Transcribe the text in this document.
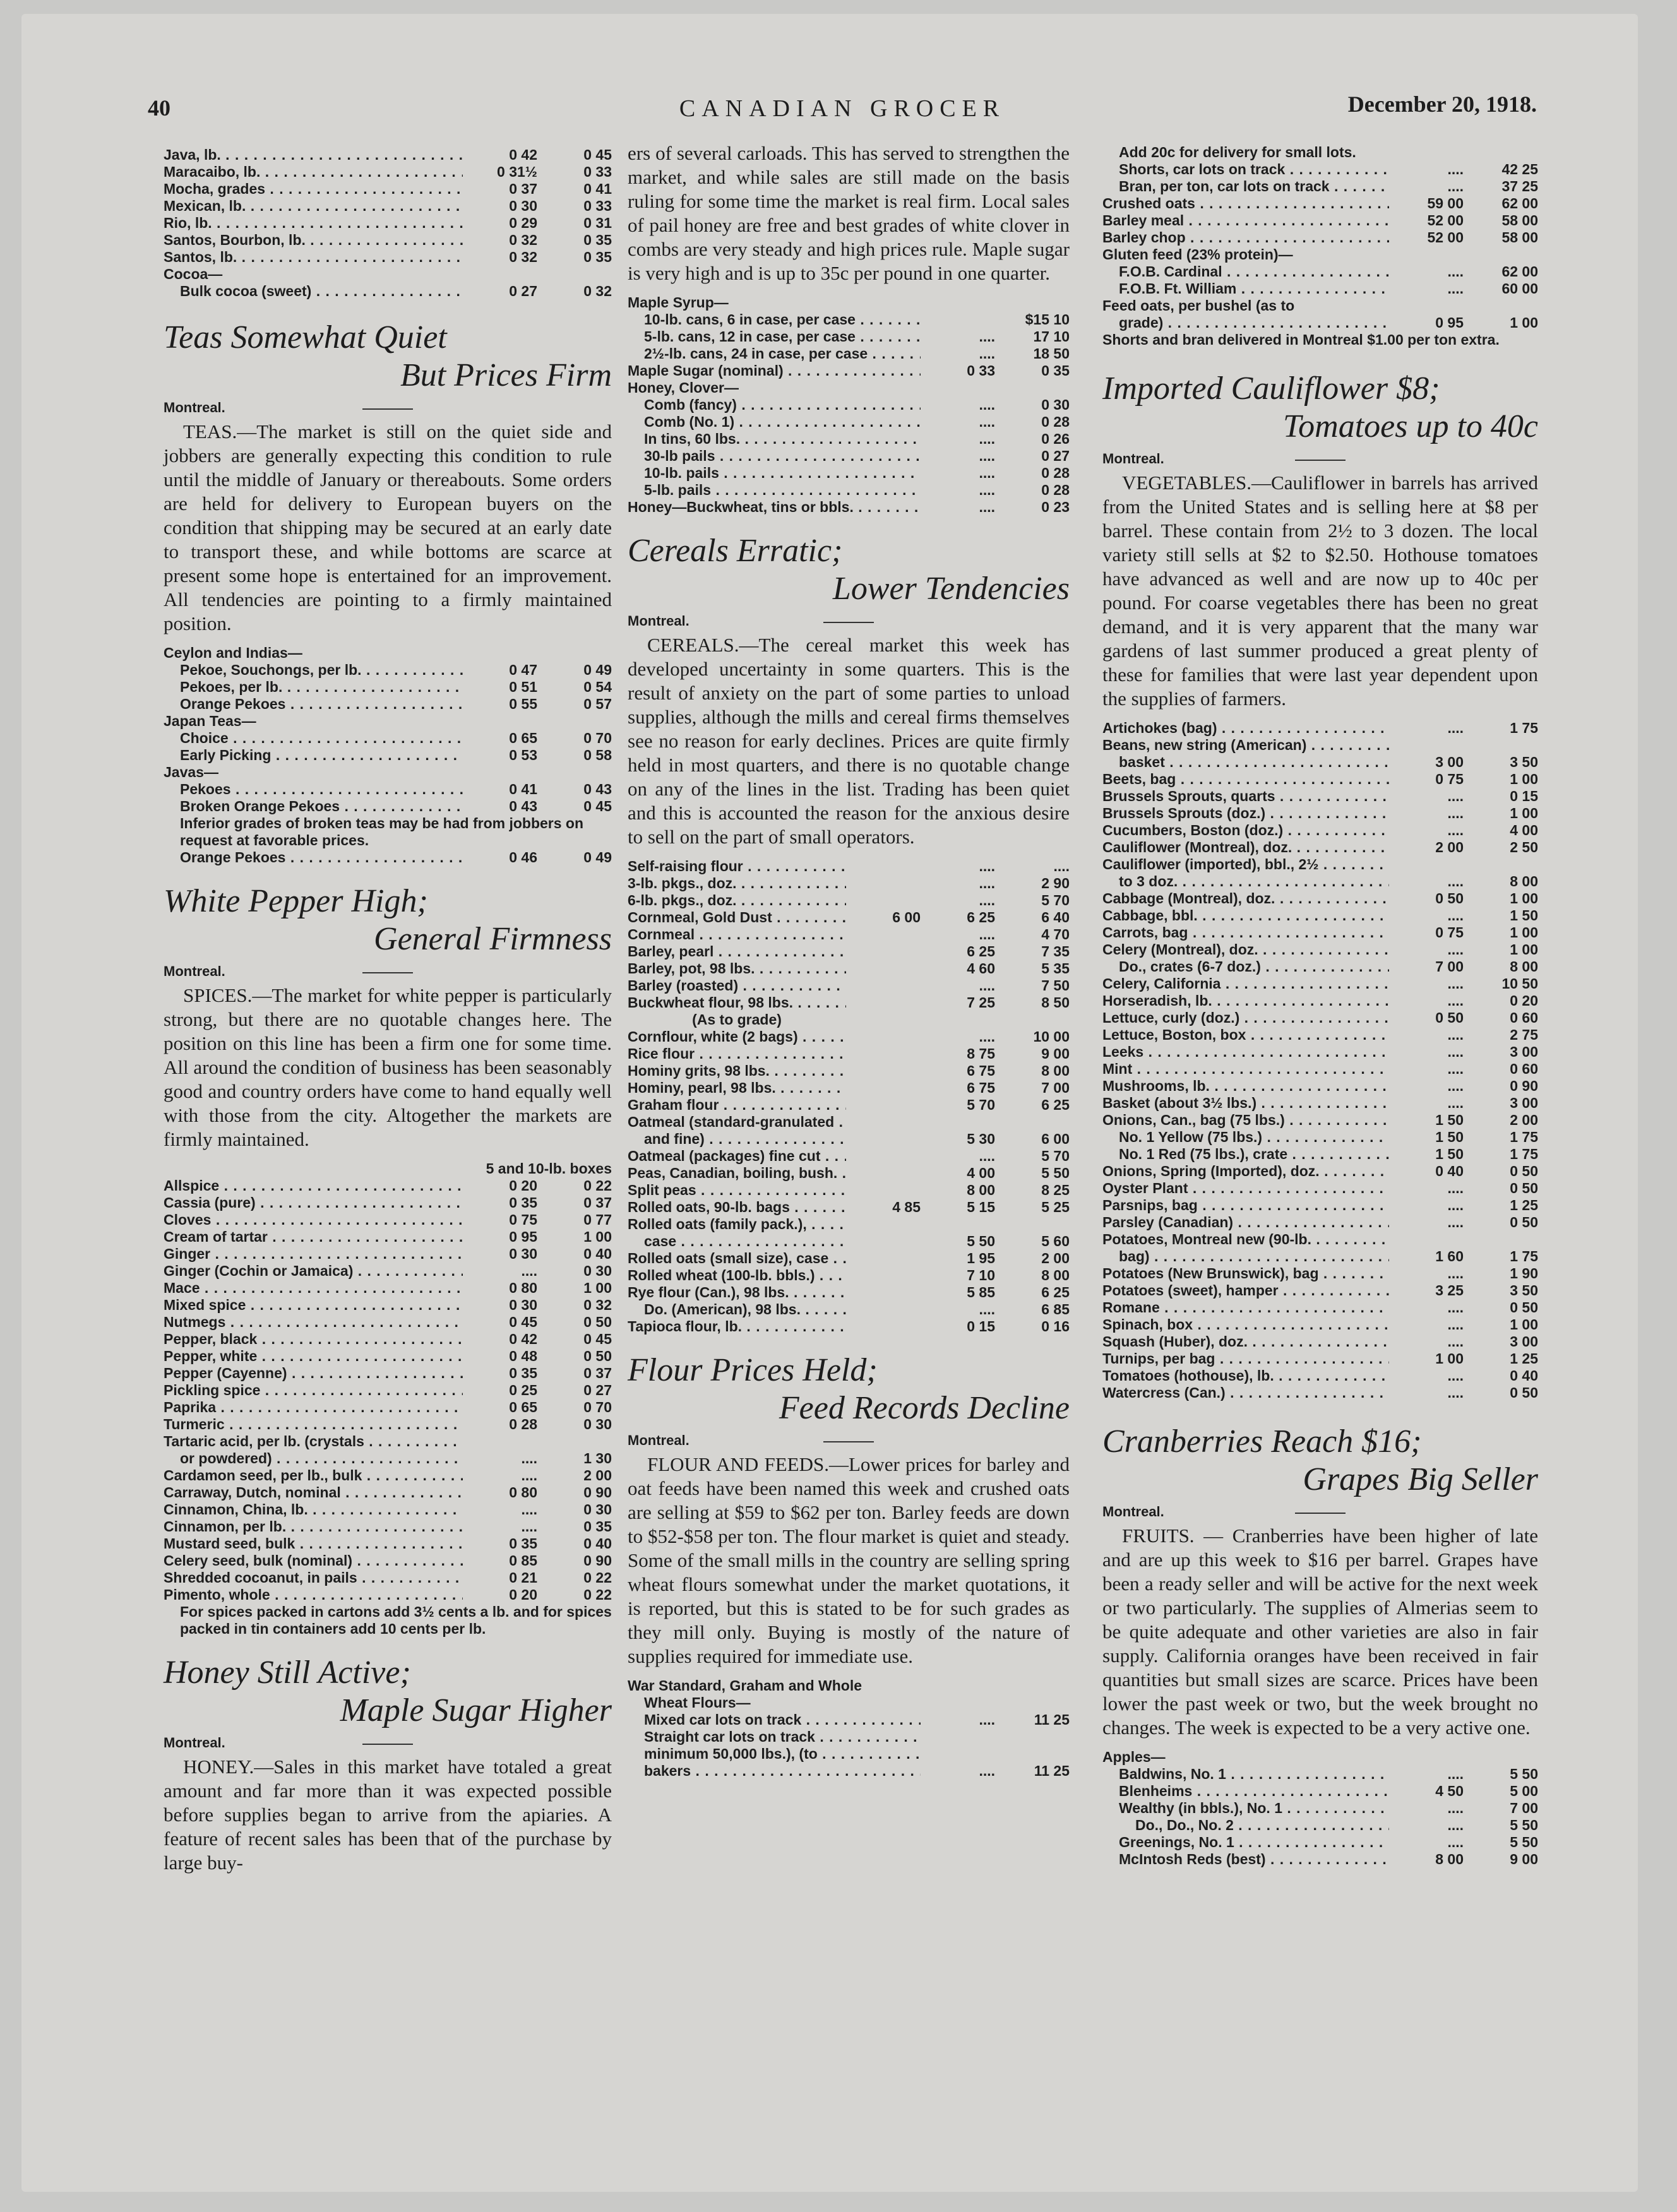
40	CANADIAN GROCER	December 20, 1918.
Java, lb. . . .	0 42	0 45
Maracaibo, lb. . . .	0 31½	0 33
Mocha, grades . . .	0 37	0 41
Mexican, lb. . . .	0 30	0 33
Rio, lb. . . .	0 29	0 31
Santos, Bourbon, lb. . . .	0 32	0 35
Santos, lb. . . .	0 32	0 35
Cocoa—
Bulk cocoa (sweet) . . .	0 27	0 32
Teas Somewhat Quiet
But Prices Firm
Montreal.
 TEAS.—The market is still on the quiet side and jobbers are generally expecting this condition to rule until the middle of January or thereabouts. Some orders are held for delivery to European buyers on the condition that shipping may be secured at an early date to transport these, and while bottoms are scarce at present some hope is entertained for an improvement. All tendencies are pointing to a firmly maintained position.
Ceylon and Indias—
Pekoe, Souchongs, per lb. . . .	0 47	0 49
Pekoes, per lb. . . .	0 51	0 54
Orange Pekoes . . .	0 55	0 57
Japan Teas—
Choice . . .	0 65	0 70
Early Picking . . .	0 53	0 58
Javas—
Pekoes . . .	0 41	0 43
Broken Orange Pekoes . . .	0 43	0 45
Inferior grades of broken teas may be had from jobbers on request at favorable prices.
Orange Pekoes . . .	0 46	0 49
White Pepper High;
General Firmness
Montreal.
 SPICES.—The market for white pepper is particularly strong, but there are no quotable changes here. The position on this line has been a firm one for some time. All around the condition of business has been seasonably good and country orders have come to hand equally well with those from the city. Altogether the markets are firmly maintained.
5 and 10-lb. boxes
Allspice . . .	0 20	0 22
Cassia (pure) . . .	0 35	0 37
Cloves . . .	0 75	0 77
Cream of tartar . . .	0 95	1 00
Ginger . . .	0 30	0 40
Ginger (Cochin or Jamaica) . . .	....	0 30
Mace . . .	0 80	1 00
Mixed spice . . .	0 30	0 32
Nutmegs . . .	0 45	0 50
Pepper, black . . .	0 42	0 45
Pepper, white . . .	0 48	0 50
Pepper (Cayenne) . . .	0 35	0 37
Pickling spice . . .	0 25	0 27
Paprika . . .	0 65	0 70
Turmeric . . .	0 28	0 30
Tartaric acid, per lb. (crystals . . .
or powdered) . . .	....	1 30
Cardamon seed, per lb., bulk . . .	....	2 00
Carraway, Dutch, nominal . . .	0 80	0 90
Cinnamon, China, lb. . . .	....	0 30
Cinnamon, per lb. . . .	....	0 35
Mustard seed, bulk . . .	0 35	0 40
Celery seed, bulk (nominal) . . .	0 85	0 90
Shredded cocoanut, in pails . . .	0 21	0 22
Pimento, whole . . .	0 20	0 22
For spices packed in cartons add 3½ cents a lb. and for spices packed in tin containers add 10 cents per lb.
Honey Still Active;
Maple Sugar Higher
Montreal.
 HONEY.—Sales in this market have totaled a great amount and far more than it was expected possible before supplies began to arrive from the apiaries. A feature of recent sales has been that of the purchase by large buy-
ers of several carloads. This has served to strengthen the market, and while sales are still made on the basis ruling for some time the market is real firm. Local sales of pail honey are free and best grades of white clover in combs are very steady and high prices rule. Maple sugar is very high and is up to 35c per pound in one quarter.
Maple Syrup—
10-lb. cans, 6 in case, per case . . .	$15 10
5-lb. cans, 12 in case, per case . . .	....	17 10
2½-lb. cans, 24 in case, per case . . .	....	18 50
Maple Sugar (nominal) . . .	0 33	0 35
Honey, Clover—
Comb (fancy) . . .	....	0 30
Comb (No. 1) . . .	....	0 28
In tins, 60 lbs. . . .	....	0 26
30-lb pails . . .	....	0 27
10-lb. pails . . .	....	0 28
5-lb. pails . . .	....	0 28
Honey—Buckwheat, tins or bbls. . . .	....	0 23
Cereals Erratic;
Lower Tendencies
Montreal.
 CEREALS.—The cereal market this week has developed uncertainty in some quarters. This is the result of anxiety on the part of some parties to unload supplies, although the mills and cereal firms themselves see no reason for early declines. Prices are quite firmly held in most quarters, and there is no quotable change on any of the lines in the list. Trading has been quiet and this is accounted the reason for the anxious desire to sell on the part of small operators.
Self-raising flour . . .	....	....
3-lb. pkgs., doz. . . .	....	2 90
6-lb. pkgs., doz. . . .	....	5 70
Cornmeal, Gold Dust . . .	6 00	6 25	6 40
Cornmeal . . .	....	4 70
Barley, pearl . . .	6 25	7 35
Barley, pot, 98 lbs. . . .	4 60	5 35
Barley (roasted) . . .	....	7 50
Buckwheat flour, 98 lbs. . . .	7 25	8 50
(As to grade)
Cornflour, white (2 bags) . . .	....	10 00
Rice flour . . .	8 75	9 00
Hominy grits, 98 lbs. . . .	6 75	8 00
Hominy, pearl, 98 lbs. . . .	6 75	7 00
Graham flour . . .	5 70	6 25
Oatmeal (standard-granulated . . .
and fine) . . .	5 30	6 00
Oatmeal (packages) fine cut . . .	....	5 70
Peas, Canadian, boiling, bush. . . .	4 00	5 50
Split peas . . .	8 00	8 25
Rolled oats, 90-lb. bags . . .	4 85	5 15	5 25
Rolled oats (family pack.), . . .
case . . .	5 50	5 60
Rolled oats (small size), case . . .	1 95	2 00
Rolled wheat (100-lb. bbls.) . . .	7 10	8 00
Rye flour (Can.), 98 lbs. . . .	5 85	6 25
Do. (American), 98 lbs. . . .	....	6 85
Tapioca flour, lb. . . .	0 15	0 16
Flour Prices Held;
Feed Records Decline
Montreal.
 FLOUR AND FEEDS.—Lower prices for barley and oat feeds have been named this week and crushed oats are selling at $59 to $62 per ton. Barley feeds are down to $52-$58 per ton. The flour market is quiet and steady. Some of the small mills in the country are selling spring wheat flours somewhat under the market quotations, it is reported, but this is stated to be for such grades as they mill only. Buying is mostly of the nature of supplies required for immediate use.
War Standard, Graham and Whole
Wheat Flours—
Mixed car lots on track . . .	....	11 25
Straight car lots on track . . .
minimum 50,000 lbs.), (to . . .
bakers . . .	....	11 25
Add 20c for delivery for small lots.
Shorts, car lots on track . . .	....	42 25
Bran, per ton, car lots on track . . .	....	37 25
Crushed oats . . .	59 00	62 00
Barley meal . . .	52 00	58 00
Barley chop . . .	52 00	58 00
Gluten feed (23% protein)—
F.O.B. Cardinal . . .	....	62 00
F.O.B. Ft. William . . .	....	60 00
Feed oats, per bushel (as to
grade) . . .	0 95	1 00
Shorts and bran delivered in Montreal $1.00 per ton extra.
Imported Cauliflower $8;
Tomatoes up to 40c
Montreal.
 VEGETABLES.—Cauliflower in barrels has arrived from the United States and is selling here at $8 per barrel. These contain from 2½ to 3 dozen. The local variety still sells at $2 to $2.50. Hothouse tomatoes have advanced as well and are now up to 40c per pound. For coarse vegetables there has been no great demand, and it is very apparent that the many war gardens of last summer produced a great plenty of these for families that were last year dependent upon the supplies of farmers.
Artichokes (bag) . . .	....	1 75
Beans, new string (American) . . .
basket . . .	3 00	3 50
Beets, bag . . .	0 75	1 00
Brussels Sprouts, quarts . . .	....	0 15
Brussels Sprouts (doz.) . . .	....	1 00
Cucumbers, Boston (doz.) . . .	....	4 00
Cauliflower (Montreal), doz. . . .	2 00	2 50
Cauliflower (imported), bbl., 2½ . . .
to 3 doz. . . .	....	8 00
Cabbage (Montreal), doz. . . .	0 50	1 00
Cabbage, bbl. . . .	....	1 50
Carrots, bag . . .	0 75	1 00
Celery (Montreal), doz. . . .	....	1 00
Do., crates (6-7 doz.) . . .	7 00	8 00
Celery, California . . .	....	10 50
Horseradish, lb. . . .	....	0 20
Lettuce, curly (doz.) . . .	0 50	0 60
Lettuce, Boston, box . . .	....	2 75
Leeks . . .	....	3 00
Mint . . .	....	0 60
Mushrooms, lb. . . .	....	0 90
Basket (about 3½ lbs.) . . .	....	3 00
Onions, Can., bag (75 lbs.) . . .	1 50	2 00
No. 1 Yellow (75 lbs.) . . .	1 50	1 75
No. 1 Red (75 lbs.), crate . . .	1 50	1 75
Onions, Spring (Imported), doz. . . .	0 40	0 50
Oyster Plant . . .	....	0 50
Parsnips, bag . . .	....	1 25
Parsley (Canadian) . . .	....	0 50
Potatoes, Montreal new (90-lb. . . .
bag) . . .	1 60	1 75
Potatoes (New Brunswick), bag . . .	....	1 90
Potatoes (sweet), hamper . . .	3 25	3 50
Romane . . .	....	0 50
Spinach, box . . .	....	1 00
Squash (Huber), doz. . . .	....	3 00
Turnips, per bag . . .	1 00	1 25
Tomatoes (hothouse), lb. . . .	....	0 40
Watercress (Can.) . . .	....	0 50
Cranberries Reach $16;
Grapes Big Seller
Montreal.
 FRUITS. — Cranberries have been higher of late and are up this week to $16 per barrel. Grapes have been a ready seller and will be active for the next week or two particularly. The supplies of Almerias seem to be quite adequate and other varieties are also in fair supply. California oranges have been received in fair quantities but small sizes are scarce. Prices have been lower the past week or two, but the week brought no changes. The week is expected to be a very active one.
Apples—
Baldwins, No. 1 . . .	....	5 50
Blenheims . . .	4 50	5 00
Wealthy (in bbls.), No. 1 . . .	....	7 00
Do., Do., No. 2 . . .	....	5 50
Greenings, No. 1 . . .	....	5 50
McIntosh Reds (best) . . .	8 00	9 00
